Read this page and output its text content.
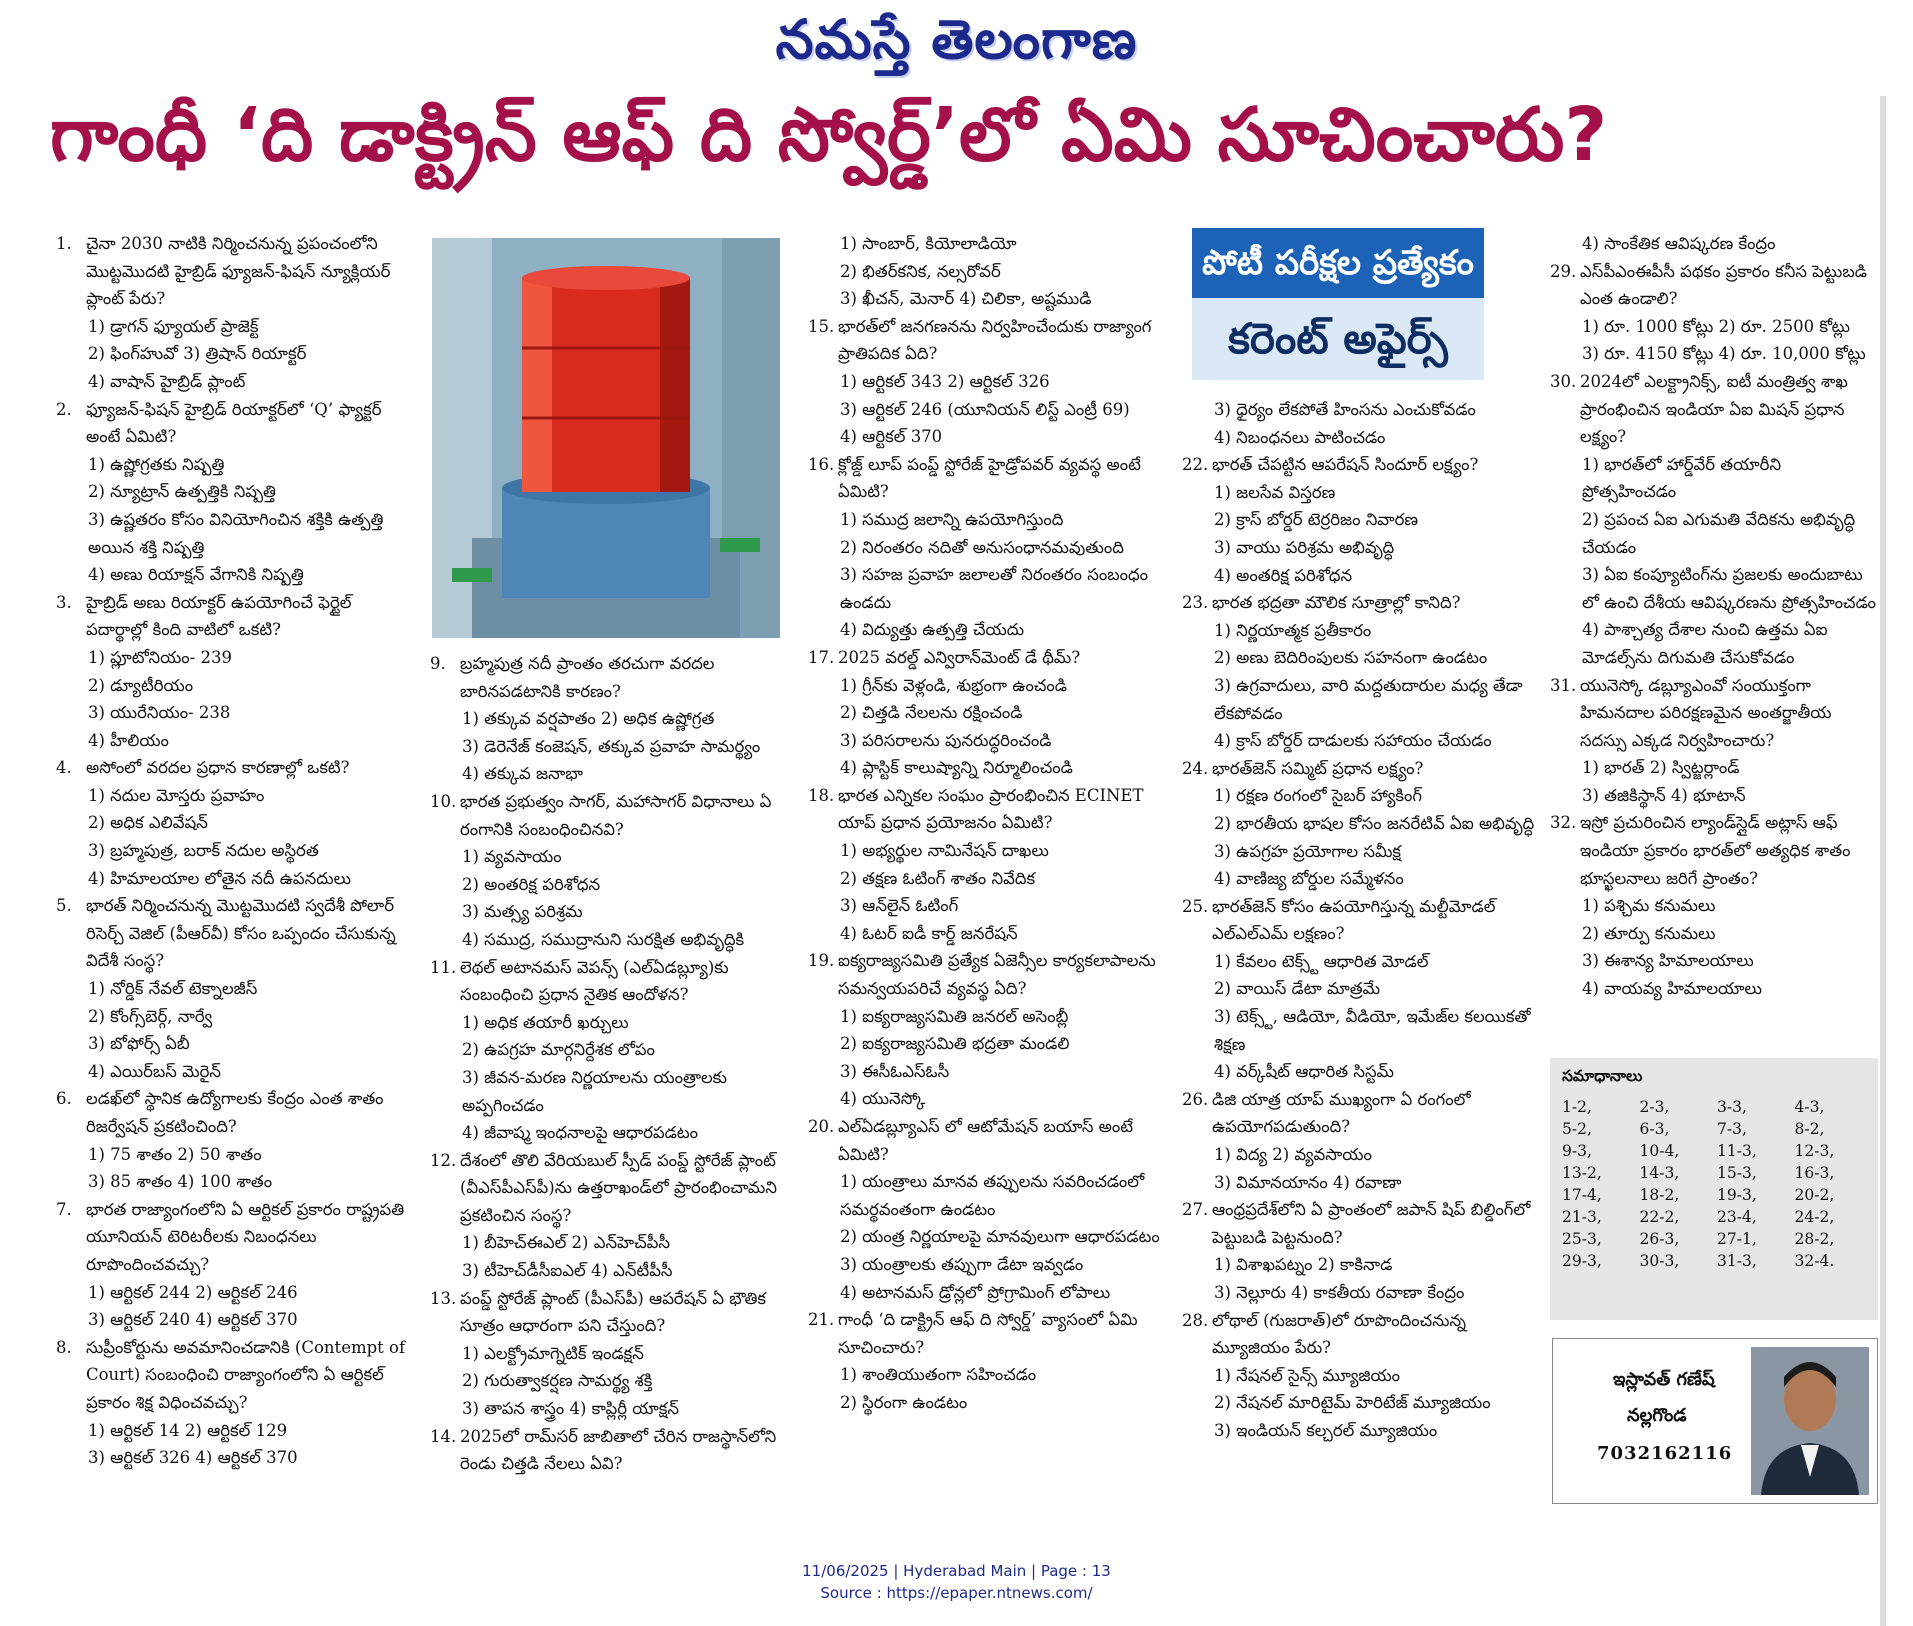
నమస్తే తెలంగాణ
గాంధీ ‘ది డాక్ట్రిన్ ఆఫ్ ది స్వోర్డ్’లో ఏమి సూచించారు?

1. చైనా 2030 నాటికి నిర్మించనున్న ప్రపంచంలోని మొట్టమొదటి హైబ్రిడ్ ఫ్యూజన్-ఫిషన్ న్యూక్లియర్ ప్లాంట్ పేరు?

1) డ్రాగన్ ఫ్యూయల్ ప్రాజెక్ట్

2) ఫింగ్‌హువో 3) త్రిషాన్ రియాక్టర్

4) వాషాన్ హైబ్రిడ్ ప్లాంట్

2. ఫ్యూజన్-ఫిషన్ హైబ్రిడ్ రియాక్టర్‌లో ‘Q’ ఫ్యాక్టర్ అంటే ఏమిటి?

1) ఉష్ణోగ్రతకు నిష్పత్తి

2) న్యూట్రాన్ ఉత్పత్తికి నిష్పత్తి

3) ఉష్ణతరం కోసం వినియోగించిన శక్తికి ఉత్పత్తి అయిన శక్తి నిష్పత్తి

4) అణు రియాక్షన్ వేగానికి నిష్పత్తి

3. హైబ్రిడ్ అణు రియాక్టర్ ఉపయోగించే ఫెర్టైల్ పదార్థాల్లో కింది వాటిలో ఒకటి?

1) ప్లూటోనియం- 239

2) డ్యూటీరియం

3) యురేనియం- 238

4) హీలియం

4. అసోంలో వరదల ప్రధాన కారణాల్లో ఒకటి?

1) నదుల మోస్తరు ప్రవాహం

2) అధిక ఎలివేషన్

3) బ్రహ్మపుత్ర, బరాక్ నదుల అస్థిరత

4) హిమాలయాల లోతైన నదీ ఉపనదులు

5. భారత్ నిర్మించనున్న మొట్టమొదటి స్వదేశీ పోలార్ రిసెర్చ్ వెజిల్ (పీఆర్‌వీ) కోసం ఒప్పందం చేసుకున్న విదేశీ సంస్థ?

1) నోర్డిక్ నేవల్ టెక్నాలజీస్

2) కోంగ్స్‌బెర్గ్, నార్వే

3) బోఫోర్స్ ఏబీ

4) ఎయిర్‌బస్ మెరైన్

6. లడఖ్‌లో స్థానిక ఉద్యోగాలకు కేంద్రం ఎంత శాతం రిజర్వేషన్ ప్రకటించింది?

1) 75 శాతం 2) 50 శాతం

3) 85 శాతం 4) 100 శాతం

7. భారత రాజ్యాంగంలోని ఏ ఆర్టికల్ ప్రకారం రాష్ట్రపతి యూనియన్ టెరిటరీలకు నిబంధనలు రూపొందించవచ్చు?

1) ఆర్టికల్ 244 2) ఆర్టికల్ 246

3) ఆర్టికల్ 240 4) ఆర్టికల్ 370

8. సుప్రీంకోర్టును అవమానించడానికి (Contempt of Court) సంబంధించి రాజ్యాంగంలోని ఏ ఆర్టికల్ ప్రకారం శిక్ష విధించవచ్చు?

1) ఆర్టికల్ 14 2) ఆర్టికల్ 129

3) ఆర్టికల్ 326 4) ఆర్టికల్ 370

9. బ్రహ్మపుత్ర నదీ ప్రాంతం తరచుగా వరదల బారినపడటానికి కారణం?

1) తక్కువ వర్షపాతం 2) అధిక ఉష్ణోగ్రత

3) డెరెనేజ్ కంజెషన్, తక్కువ ప్రవాహ సామర్థ్యం

4) తక్కువ జనాభా

10. భారత ప్రభుత్వం సాగర్, మహాసాగర్ విధానాలు ఏ రంగానికి సంబంధించినవి?

1) వ్యవసాయం

2) అంతరిక్ష పరిశోధన

3) మత్స్య పరిశ్రమ

4) సముద్ర, సముద్రానుని సురక్షిత అభివృద్ధికి

11. లెథల్ అటానమస్ వెపన్స్ (ఎల్ఏడబ్ల్యూ)కు సంబంధించి ప్రధాన నైతిక ఆందోళన?

1) అధిక తయారీ ఖర్చులు

2) ఉపగ్రహ మార్గనిర్దేశక లోపం

3) జీవన-మరణ నిర్ణయాలను యంత్రాలకు అప్పగించడం

4) జీవాష్మ ఇంధనాలపై ఆధారపడటం

12. దేశంలో తొలి వేరియబుల్ స్పీడ్ పంప్డ్ స్టోరేజ్ ప్లాంట్ (వీఎస్‌పీఎస్‌పీ)ను ఉత్తరాఖండ్‌లో ప్రారంభించామని ప్రకటించిన సంస్థ?

1) బీహెచ్ఈఎల్ 2) ఎన్‌హెచ్‌పీసీ

3) టీహెచ్‌డీసీఐఎల్ 4) ఎన్‌టీపీసీ

13. పంప్డ్ స్టోరేజ్ ప్లాంట్ (పీఎస్‌పీ) ఆపరేషన్ ఏ భౌతిక సూత్రం ఆధారంగా పని చేస్తుంది?

1) ఎలక్ట్రోమాగ్నెటిక్ ఇండక్షన్

2) గురుత్వాకర్షణ సామర్థ్య శక్తి

3) తాపన శాస్త్రం 4) కాప్లిర్లీ యాక్షన్

14. 2025లో రామ్‌సర్ జాబితాలో చేరిన రాజస్థాన్‌లోని రెండు చిత్తడి నేలలు ఏవి?

1) సాంబార్, కియోలాడియో

2) భితర్‌కనిక, నల్సరోవర్

3) ఖీచన్, మెనార్ 4) చిలికా, అష్టముడి

15. భారత్‌లో జనగణనను నిర్వహించేందుకు రాజ్యాంగ ప్రాతిపదిక ఏది?

1) ఆర్టికల్ 343 2) ఆర్టికల్ 326

3) ఆర్టికల్ 246 (యూనియన్ లిస్ట్ ఎంట్రీ 69)

4) ఆర్టికల్ 370

16. క్లోజ్డ్ లూప్ పంప్డ్ స్టోరేజ్ హైడ్రోపవర్ వ్యవస్థ అంటే ఏమిటి?

1) సముద్ర జలాన్ని ఉపయోగిస్తుంది

2) నిరంతరం నదితో అనుసంధానమవుతుంది

3) సహజ ప్రవాహ జలాలతో నిరంతరం సంబంధం ఉండదు

4) విద్యుత్తు ఉత్పత్తి చేయదు

17. 2025 వరల్డ్ ఎన్విరాన్‌మెంట్ డే థీమ్?

1) గ్రీన్‌కు వెళ్లండి, శుభ్రంగా ఉంచండి

2) చిత్తడి నేలలను రక్షించండి

3) పరిసరాలను పునరుద్ధరించండి

4) ప్లాస్టిక్ కాలుష్యాన్ని నిర్మూలించండి

18. భారత ఎన్నికల సంఘం ప్రారంభించిన ECINET యాప్ ప్రధాన ప్రయోజనం ఏమిటి?

1) అభ్యర్థుల నామినేషన్ దాఖలు

2) తక్షణ ఓటింగ్ శాతం నివేదిక

3) ఆన్‌లైన్ ఓటింగ్

4) ఓటర్ ఐడీ కార్డ్ జనరేషన్

19. ఐక్యరాజ్యసమితి ప్రత్యేక ఏజెన్సీల కార్యకలాపాలను సమన్వయపరిచే వ్యవస్థ ఏది?

1) ఐక్యరాజ్యసమితి జనరల్ అసెంబ్లీ

2) ఐక్యరాజ్యసమితి భద్రతా మండలి

3) ఈసీఓఎస్ఓసీ

4) యునెస్కో

20. ఎల్ఏడబ్ల్యూఎస్ లో ఆటోమేషన్ బయాస్ అంటే ఏమిటి?

1) యంత్రాలు మానవ తప్పులను సవరించడంలో సమర్థవంతంగా ఉండటం

2) యంత్ర నిర్ణయాలపై మానవులుగా ఆధారపడటం

3) యంత్రాలకు తప్పుగా డేటా ఇవ్వడం

4) అటానమస్ డ్రోన్లలో ప్రోగ్రామింగ్ లోపాలు

21. గాంధీ ‘ది డాక్ట్రిన్ ఆఫ్ ది స్వోర్డ్’ వ్యాసంలో ఏమి సూచించారు?

1) శాంతియుతంగా సహించడం

2) స్థిరంగా ఉండటం

పోటీ పరీక్షల ప్రత్యేకం
కరెంట్ అఫైర్స్

3) ధైర్యం లేకపోతే హింసను ఎంచుకోవడం

4) నిబంధనలు పాటించడం

22. భారత్ చేపట్టిన ఆపరేషన్ సిందూర్ లక్ష్యం?

1) జలసేవ విస్తరణ

2) క్రాస్ బోర్డర్ టెర్రరిజం నివారణ

3) వాయు పరిశ్రమ అభివృద్ధి

4) అంతరిక్ష పరిశోధన

23. భారత భద్రతా మౌలిక సూత్రాల్లో కానిది?

1) నిర్ణయాత్మక ప్రతీకారం

2) అణు బెదిరింపులకు సహనంగా ఉండటం

3) ఉగ్రవాదులు, వారి మద్దతుదారుల మధ్య తేడా లేకపోవడం

4) క్రాస్ బోర్డర్ దాడులకు సహాయం చేయడం

24. భారత్‌జెన్ సమ్మిట్ ప్రధాన లక్ష్యం?

1) రక్షణ రంగంలో సైబర్ హ్యాకింగ్

2) భారతీయ భాషల కోసం జనరేటివ్ ఏఐ అభివృద్ధి

3) ఉపగ్రహ ప్రయోగాల సమీక్ష

4) వాణిజ్య బోర్డుల సమ్మేళనం

25. భారత్‌జెన్ కోసం ఉపయోగిస్తున్న మల్టీమోడల్ ఎల్ఎల్ఎమ్ లక్షణం?

1) కేవలం టెక్స్ట్ ఆధారిత మోడల్

2) వాయిస్ డేటా మాత్రమే

3) టెక్స్ట్, ఆడియో, వీడియో, ఇమేజ్‌ల కలయికతో శిక్షణ

4) వర్క్‌షీట్ ఆధారిత సిస్టమ్

26. డిజి యాత్ర యాప్ ముఖ్యంగా ఏ రంగంలో ఉపయోగపడుతుంది?

1) విద్య 2) వ్యవసాయం

3) విమానయానం 4) రవాణా

27. ఆంధ్రప్రదేశ్‌లోని ఏ ప్రాంతంలో జపాన్ షిప్ బిల్డింగ్‌లో పెట్టుబడి పెట్టనుంది?

1) విశాఖపట్నం 2) కాకినాడ

3) నెల్లూరు 4) కాకతీయ రవాణా కేంద్రం

28. లోథాల్ (గుజరాత్)లో రూపొందించనున్న మ్యూజియం పేరు?

1) నేషనల్ సైన్స్ మ్యూజియం

2) నేషనల్ మారిటైమ్ హెరిటేజ్ మ్యూజియం

3) ఇండియన్ కల్చరల్ మ్యూజియం

4) సాంకేతిక ఆవిష్కరణ కేంద్రం

29. ఎస్‌పీఎంఈపీసీ పథకం ప్రకారం కనీస పెట్టుబడి ఎంత ఉండాలి?

1) రూ. 1000 కోట్లు 2) రూ. 2500 కోట్లు

3) రూ. 4150 కోట్లు 4) రూ. 10,000 కోట్లు

30. 2024లో ఎలక్ట్రానిక్స్, ఐటీ మంత్రిత్వ శాఖ ప్రారంభించిన ఇండియా ఏఐ మిషన్ ప్రధాన లక్ష్యం?

1) భారత్‌లో హార్డ్‌వేర్ తయారీని ప్రోత్సహించడం

2) ప్రపంచ ఏఐ ఎగుమతి వేదికను అభివృద్ధి చేయడం

3) ఏఐ కంప్యూటింగ్‌ను ప్రజలకు అందుబాటు లో ఉంచి దేశీయ ఆవిష్కరణను ప్రోత్సహించడం

4) పాశ్చాత్య దేశాల నుంచి ఉత్తమ ఏఐ మోడల్స్‌ను దిగుమతి చేసుకోవడం

31. యునెస్కో డబ్ల్యూఎంవో సంయుక్తంగా హిమనదాల పరిరక్షణమైన అంతర్జాతీయ సదస్సు ఎక్కడ నిర్వహించారు?

1) భారత్ 2) స్విట్జర్లాండ్

3) తజికిస్థాన్ 4) భూటాన్

32. ఇస్రో ప్రచురించిన ల్యాండ్‌స్లైడ్ అట్లాస్ ఆఫ్ ఇండియా ప్రకారం భారత్‌లో అత్యధిక శాతం భూస్ఖలనాలు జరిగే ప్రాంతం?

1) పశ్చిమ కనుమలు

2) తూర్పు కనుమలు

3) ఈశాన్య హిమాలయాలు

4) వాయవ్య హిమాలయాలు

సమాధానాలు
1-2,	2-3,	3-3,	4-3,
5-2,	6-3,	7-3,	8-2,
9-3,	10-4,	11-3,	12-3,
13-2,	14-3,	15-3,	16-3,
17-4,	18-2,	19-3,	20-2,
21-3,	22-2,	23-4,	24-2,
25-3,	26-3,	27-1,	28-2,
29-3,	30-3,	31-3,	32-4.
ఇస్లావత్ గణేష్
నల్లగొండ
7032162116
11/06/2025 | Hyderabad Main | Page : 13
Source : https://epaper.ntnews.com/
